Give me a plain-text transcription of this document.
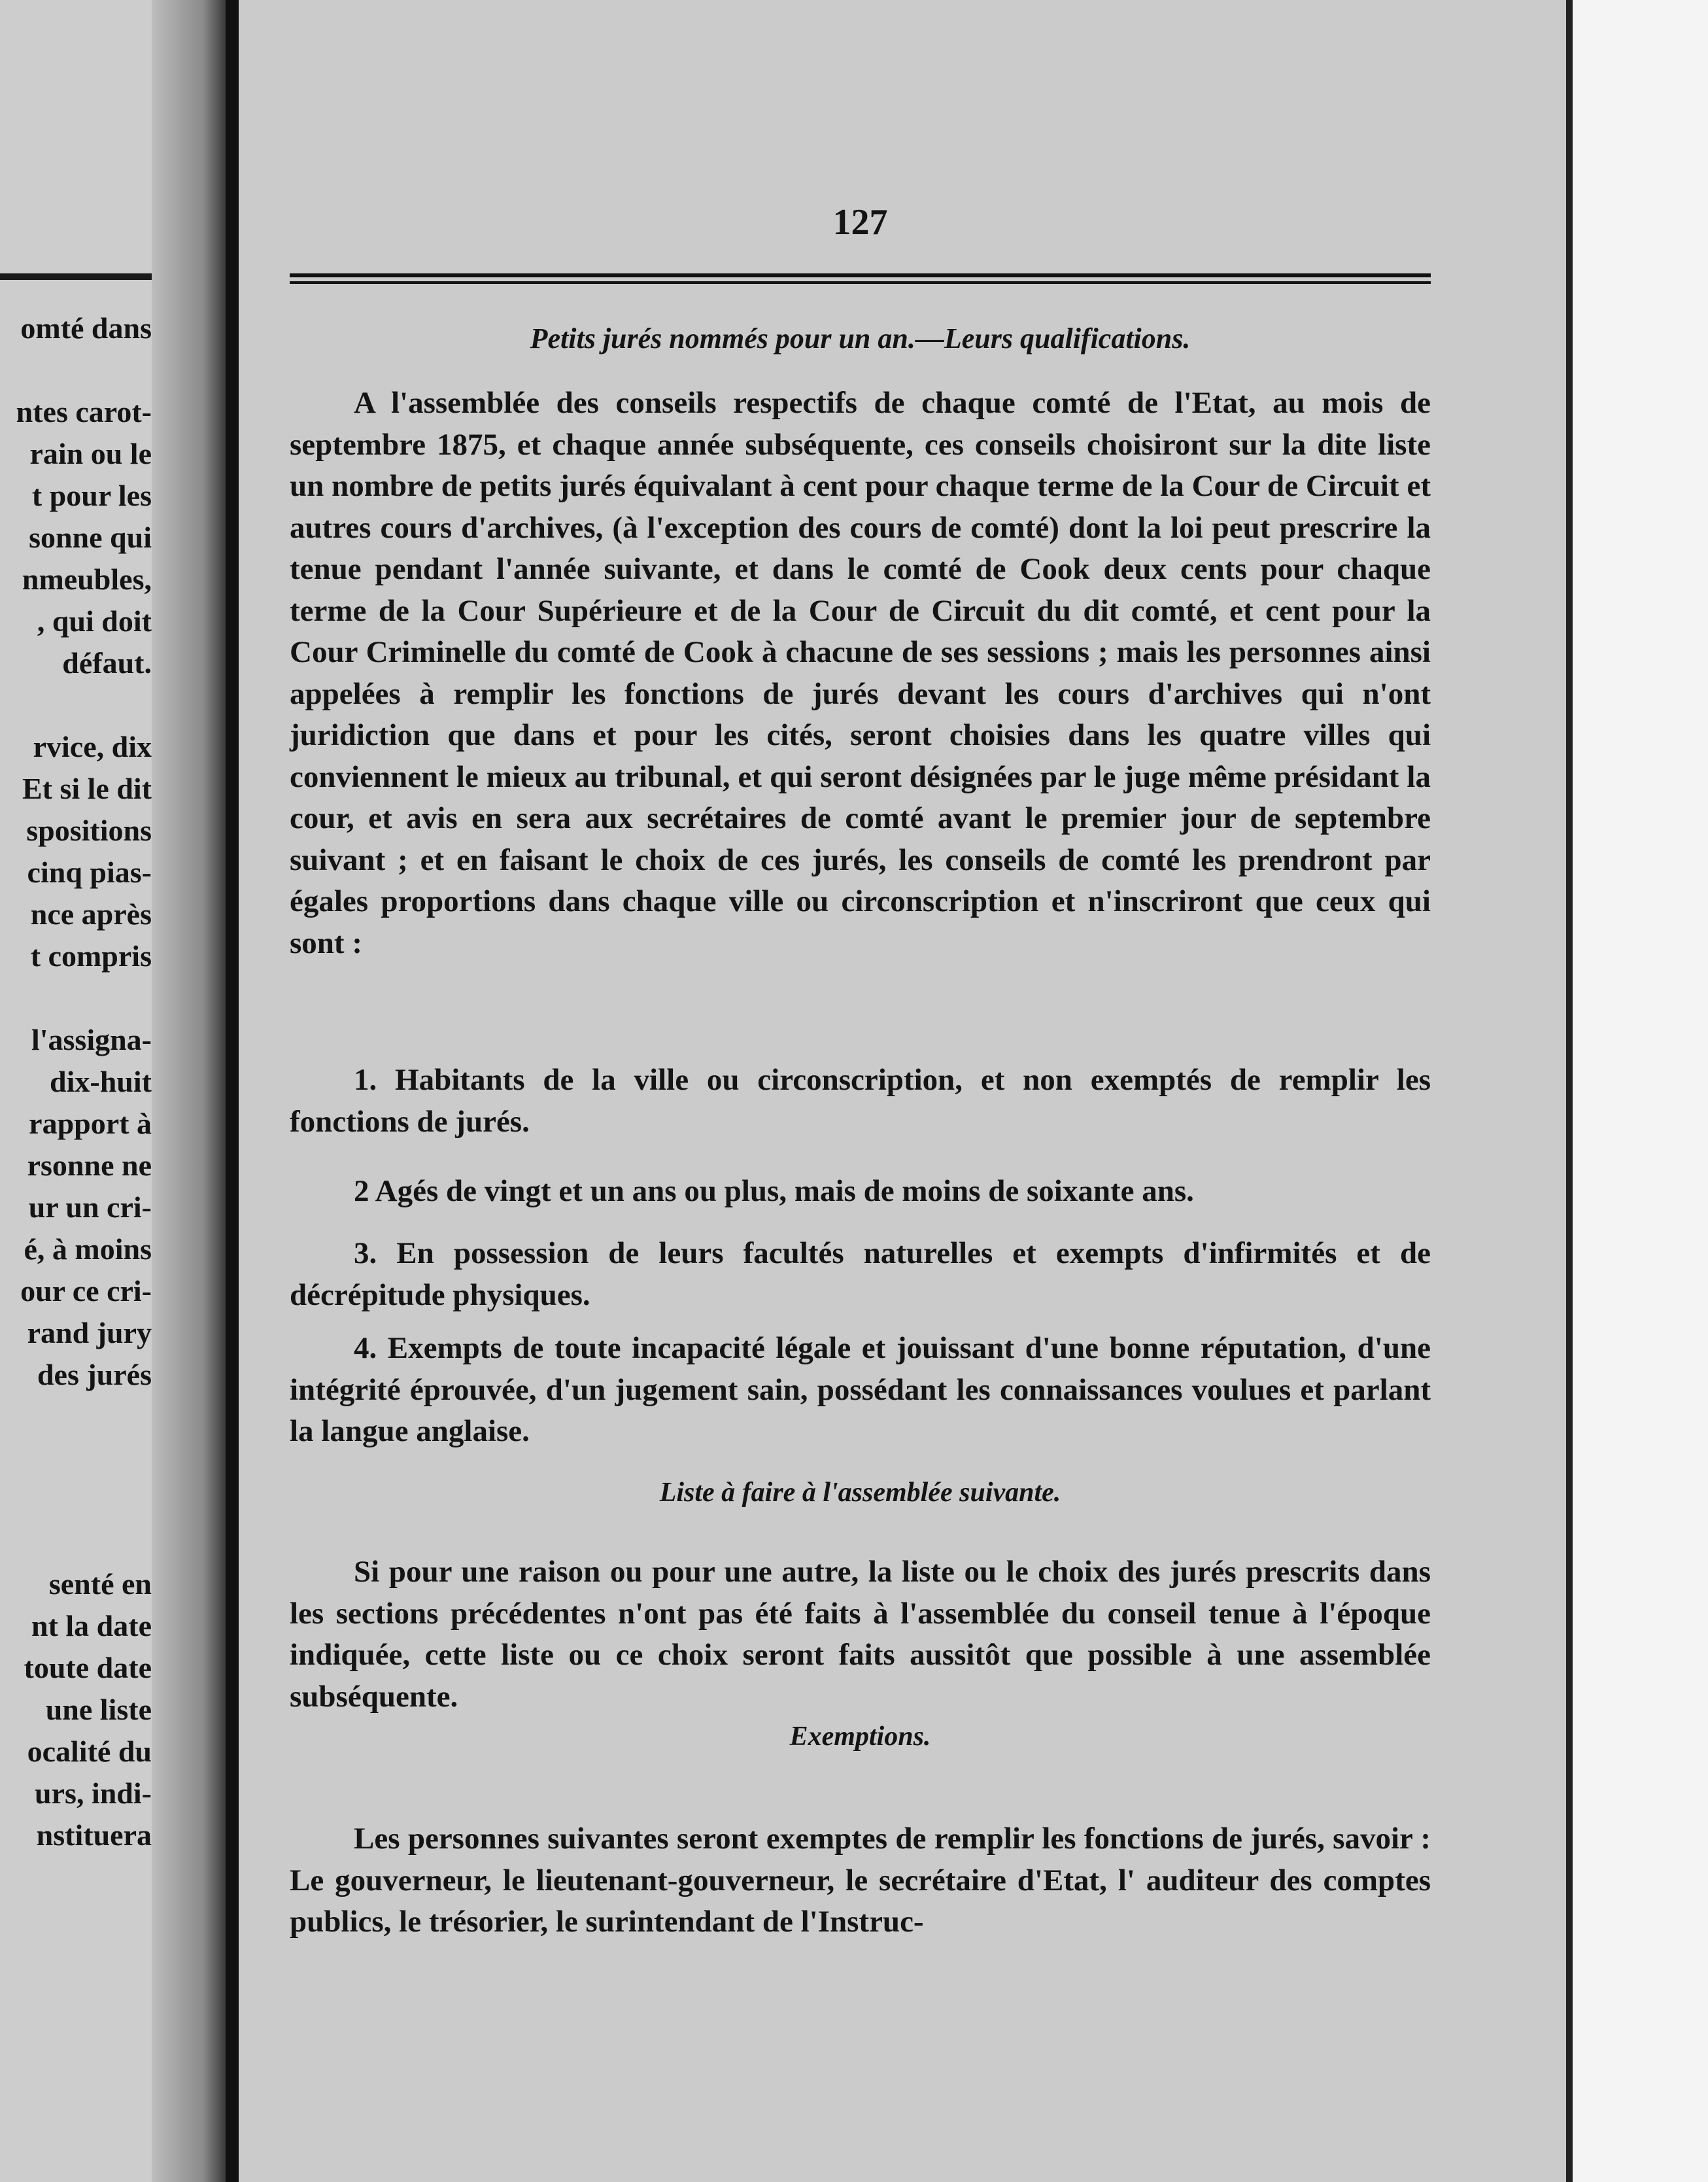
omté dans
ntes carot-
rain ou le
t pour les
sonne qui
nmeubles,
, qui doit
défaut.
rvice, dix
Et si le dit
spositions
cinq pias-
nce après
t compris
l'assigna-
dix-huit
rapport à
rsonne ne
ur un cri-
é, à moins
our ce cri-
rand jury
des jurés
senté en
nt la date
toute date
une liste
ocalité du
urs, indi-
nstituera
127
Petits jurés nommés pour un an.—Leurs qualifications.
A l'assemblée des conseils respectifs de chaque comté de l'Etat, au mois de septembre 1875, et chaque année subséquente, ces conseils choisiront sur la dite liste un nombre de petits jurés équivalant à cent pour chaque terme de la Cour de Circuit et autres cours d'archives, (à l'exception des cours de comté) dont la loi peut prescrire la tenue pendant l'année suivante, et dans le comté de Cook deux cents pour chaque terme de la Cour Supérieure et de la Cour de Circuit du dit comté, et cent pour la Cour Criminelle du comté de Cook à chacune de ses sessions ; mais les personnes ainsi appelées à remplir les fonctions de jurés devant les cours d'archives qui n'ont juridiction que dans et pour les cités, seront choisies dans les quatre villes qui conviennent le mieux au tribunal, et qui seront désignées par le juge même présidant la cour, et avis en sera aux secrétaires de comté avant le premier jour de septembre suivant ; et en faisant le choix de ces jurés, les conseils de comté les prendront par égales proportions dans chaque ville ou circonscription et n'inscriront que ceux qui sont :
1. Habitants de la ville ou circonscription, et non exemptés de remplir les fonctions de jurés.
2 Agés de vingt et un ans ou plus, mais de moins de soixante ans.
3. En possession de leurs facultés naturelles et exempts d'infirmités et de décrépitude physiques.
4. Exempts de toute incapacité légale et jouissant d'une bonne réputation, d'une intégrité éprouvée, d'un jugement sain, possédant les connaissances voulues et parlant la langue anglaise.
Liste à faire à l'assemblée suivante.
Si pour une raison ou pour une autre, la liste ou le choix des jurés prescrits dans les sections précédentes n'ont pas été faits à l'assemblée du conseil tenue à l'époque indiquée, cette liste ou ce choix seront faits aussitôt que possible à une assemblée subséquente.
Exemptions.
Les personnes suivantes seront exemptes de remplir les fonctions de jurés, savoir : Le gouverneur, le lieutenant-gouverneur, le secrétaire d'Etat, l' auditeur des comptes publics, le trésorier, le surintendant de l'Instruc-
